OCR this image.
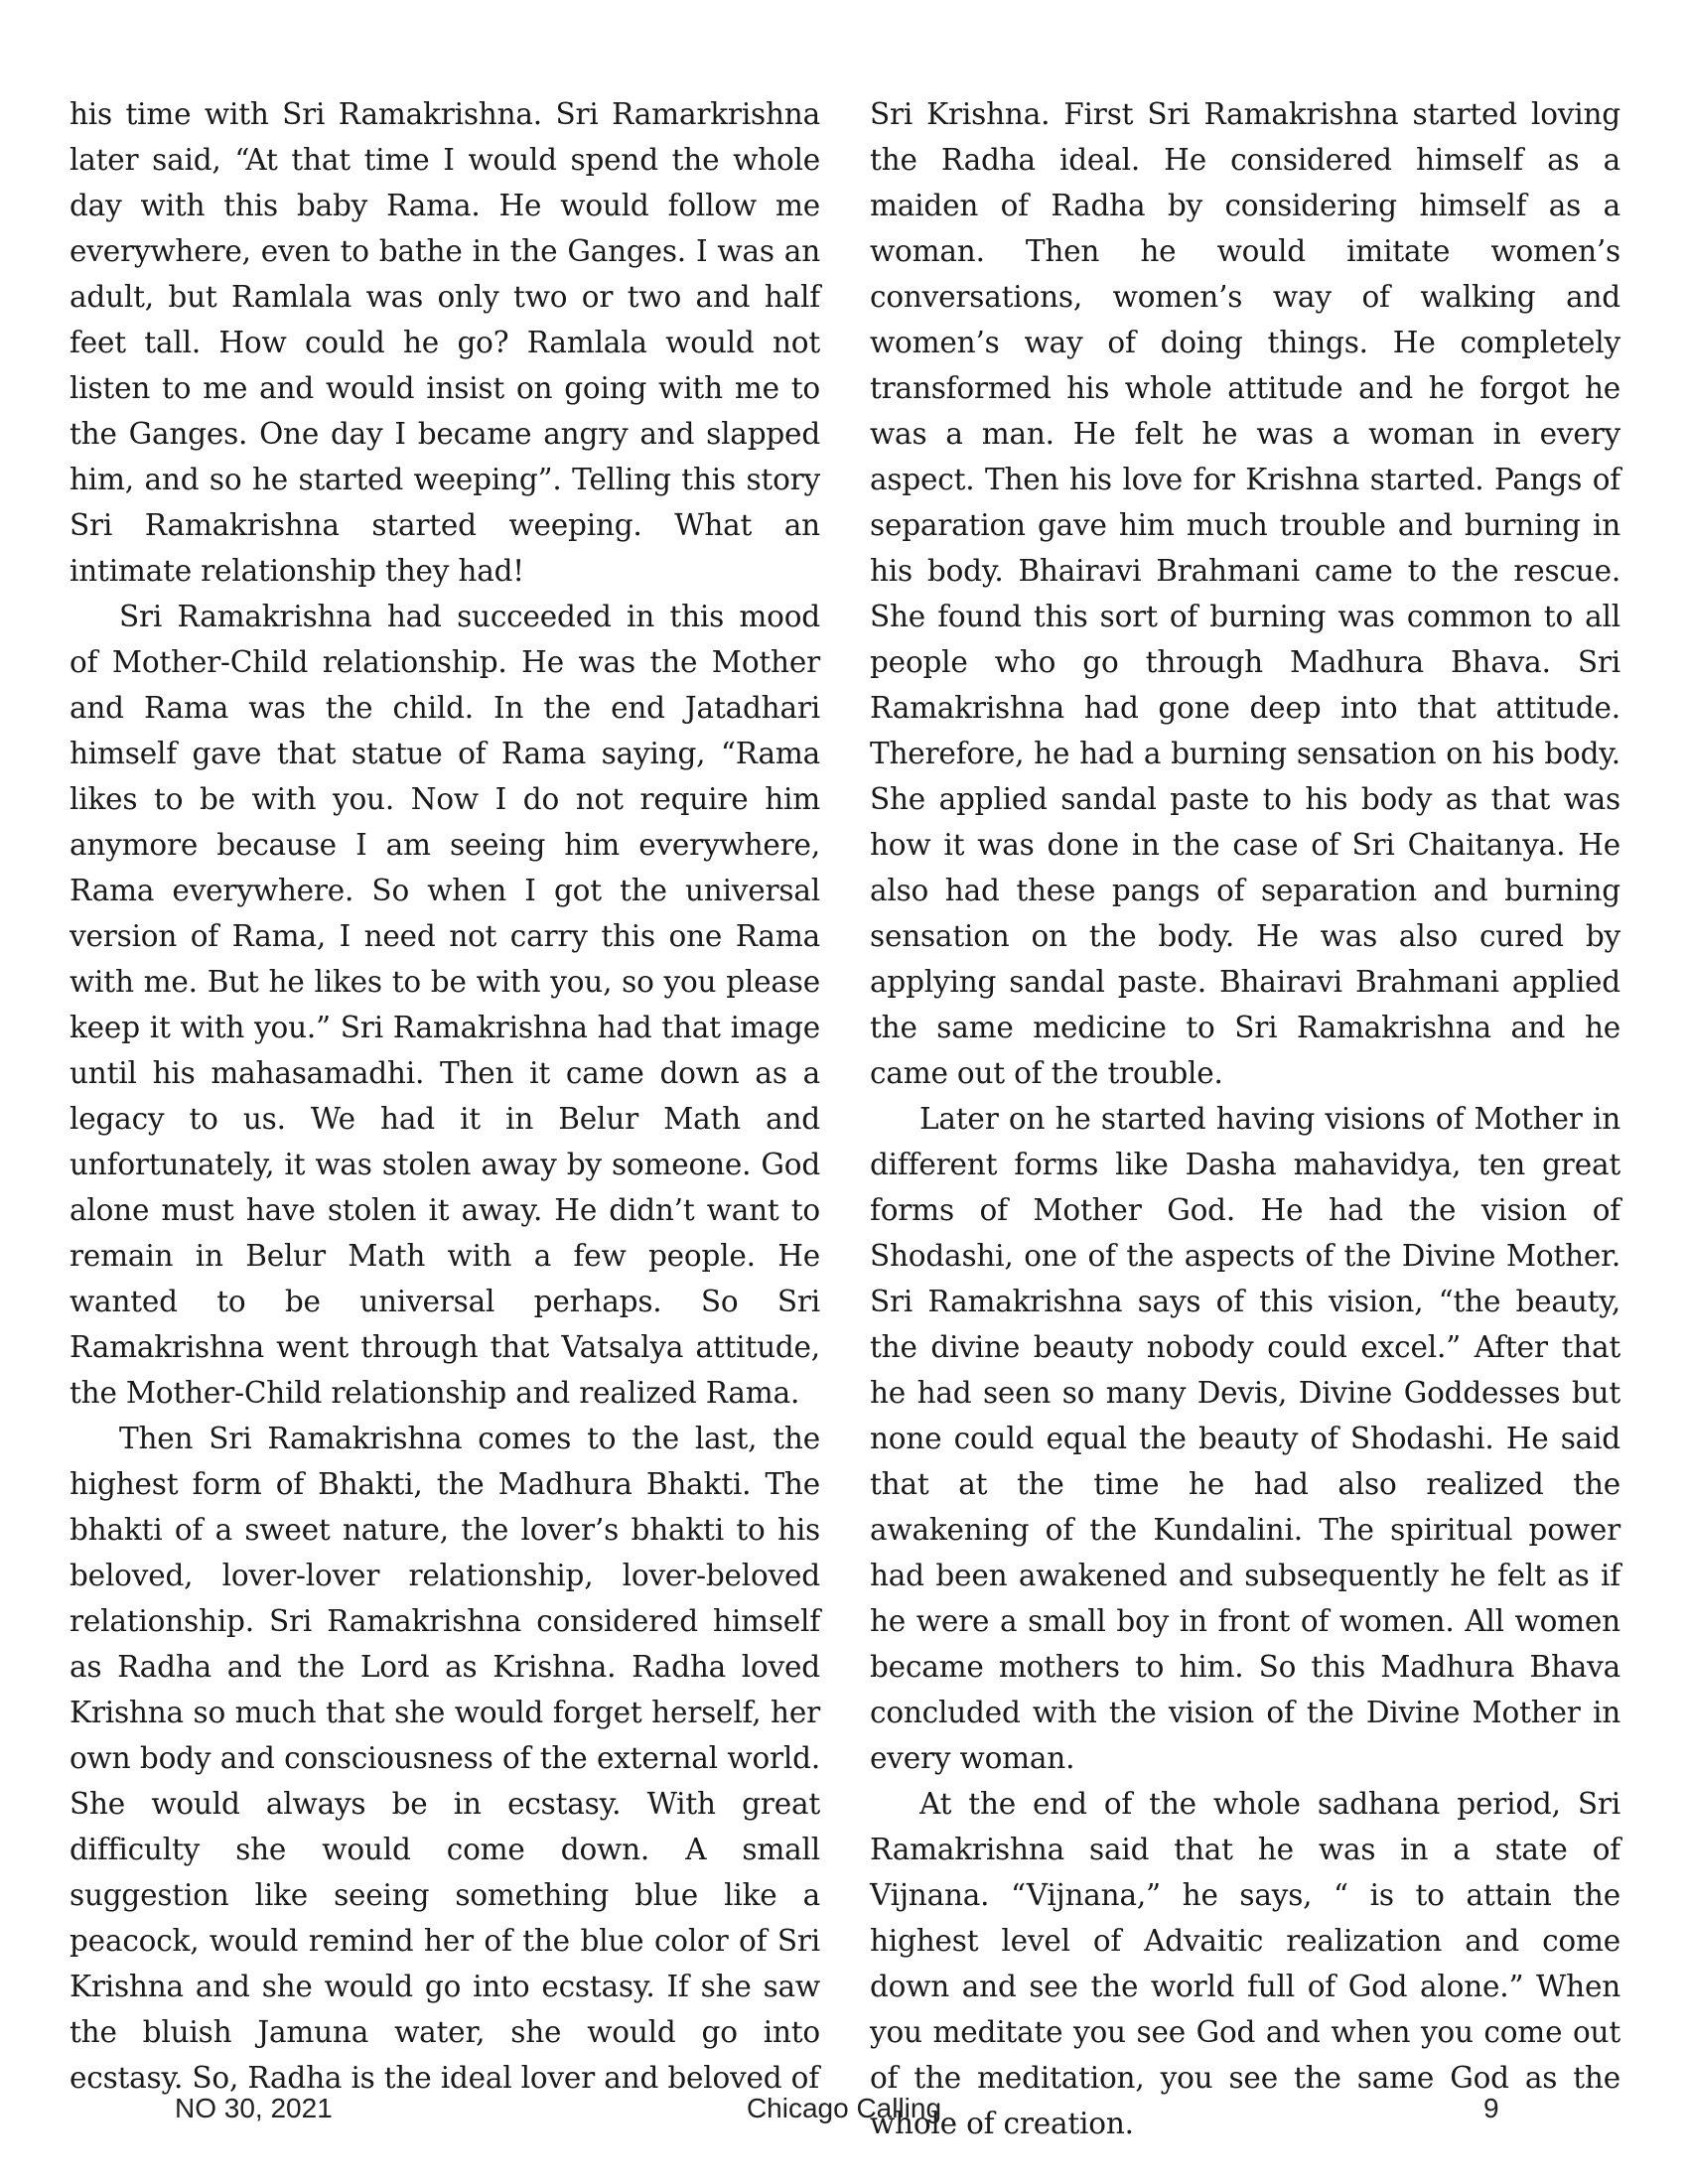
his time with Sri Ramakrishna. Sri Ramarkrishna later said, “At that time I would spend the whole day with this baby Rama. He would follow me everywhere, even to bathe in the Ganges. I was an adult, but Ramlala was only two or two and half feet tall. How could he go? Ramlala would not listen to me and would insist on going with me to the Ganges. One day I became angry and slapped him, and so he started weeping”. Telling this story Sri Ramakrishna started weeping. What an intimate relationship they had!

Sri Ramakrishna had succeeded in this mood of Mother-Child relationship. He was the Mother and Rama was the child. In the end Jatadhari himself gave that statue of Rama saying, “Rama likes to be with you. Now I do not require him anymore because I am seeing him everywhere, Rama everywhere. So when I got the universal version of Rama, I need not carry this one Rama with me. But he likes to be with you, so you please keep it with you.” Sri Ramakrishna had that image until his mahasamadhi. Then it came down as a legacy to us. We had it in Belur Math and unfortunately, it was stolen away by someone. God alone must have stolen it away. He didn’t want to remain in Belur Math with a few people. He wanted to be universal perhaps. So Sri Ramakrishna went through that Vatsalya attitude, the Mother-Child relationship and realized Rama.

Then Sri Ramakrishna comes to the last, the highest form of Bhakti, the Madhura Bhakti. The bhakti of a sweet nature, the lover’s bhakti to his beloved, lover-lover relationship, lover-beloved relationship. Sri Ramakrishna considered himself as Radha and the Lord as Krishna. Radha loved Krishna so much that she would forget herself, her own body and consciousness of the external world. She would always be in ecstasy. With great difficulty she would come down. A small suggestion like seeing something blue like a peacock, would remind her of the blue color of Sri Krishna and she would go into ecstasy. If she saw the bluish Jamuna water, she would go into ecstasy. So, Radha is the ideal lover and beloved of

Sri Krishna. First Sri Ramakrishna started loving the Radha ideal. He considered himself as a maiden of Radha by considering himself as a woman. Then he would imitate women’s conversations, women’s way of walking and women’s way of doing things. He completely transformed his whole attitude and he forgot he was a man. He felt he was a woman in every aspect. Then his love for Krishna started. Pangs of separation gave him much trouble and burning in his body. Bhairavi Brahmani came to the rescue. She found this sort of burning was common to all people who go through Madhura Bhava. Sri Ramakrishna had gone deep into that attitude. Therefore, he had a burning sensation on his body. She applied sandal paste to his body as that was how it was done in the case of Sri Chaitanya. He also had these pangs of separation and burning sensation on the body. He was also cured by applying sandal paste. Bhairavi Brahmani applied the same medicine to Sri Ramakrishna and he came out of the trouble.

Later on he started having visions of Mother in different forms like Dasha mahavidya, ten great forms of Mother God. He had the vision of Shodashi, one of the aspects of the Divine Mother. Sri Ramakrishna says of this vision, “the beauty, the divine beauty nobody could excel.” After that he had seen so many Devis, Divine Goddesses but none could equal the beauty of Shodashi. He said that at the time he had also realized the awakening of the Kundalini. The spiritual power had been awakened and subsequently he felt as if he were a small boy in front of women. All women became mothers to him. So this Madhura Bhava concluded with the vision of the Divine Mother in every woman.

At the end of the whole sadhana period, Sri Ramakrishna said that he was in a state of Vijnana. “Vijnana,” he says, “ is to attain the highest level of Advaitic realization and come down and see the world full of God alone.” When you meditate you see God and when you come out of the meditation, you see the same God as the whole of creation.

NO 30, 2021	Chicago Calling	9
